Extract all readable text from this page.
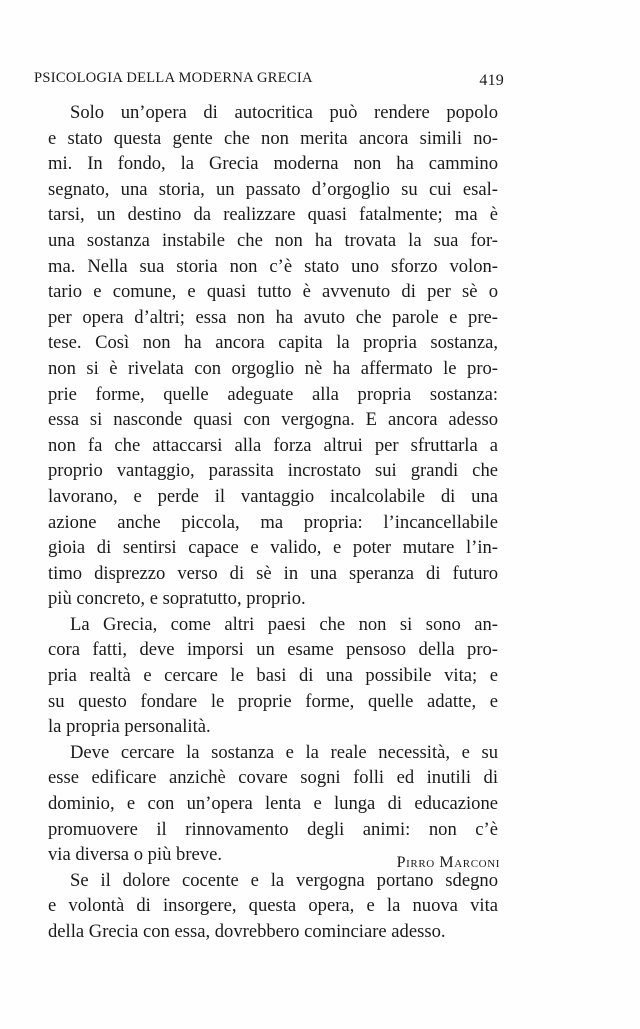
PSICOLOGIA DELLA MODERNA GRECIA	419
Solo un’opera di autocritica può rendere popolo
e stato questa gente che non merita ancora simili no-
mi. In fondo, la Grecia moderna non ha cammino
segnato, una storia, un passato d’orgoglio su cui esal-
tarsi, un destino da realizzare quasi fatalmente; ma è
una sostanza instabile che non ha trovata la sua for-
ma. Nella sua storia non c’è stato uno sforzo volon-
tario e comune, e quasi tutto è avvenuto di per sè o
per opera d’altri; essa non ha avuto che parole e pre-
tese. Così non ha ancora capita la propria sostanza,
non si è rivelata con orgoglio nè ha affermato le pro-
prie forme, quelle adeguate alla propria sostanza:
essa si nasconde quasi con vergogna. E ancora adesso
non fa che attaccarsi alla forza altrui per sfruttarla a
proprio vantaggio, parassita incrostato sui grandi che
lavorano, e perde il vantaggio incalcolabile di una
azione anche piccola, ma propria: l’incancellabile
gioia di sentirsi capace e valido, e poter mutare l’in-
timo disprezzo verso di sè in una speranza di futuro
più concreto, e sopratutto, proprio.
La Grecia, come altri paesi che non si sono an-
cora fatti, deve imporsi un esame pensoso della pro-
pria realtà e cercare le basi di una possibile vita; e
su questo fondare le proprie forme, quelle adatte, e
la propria personalità.
Deve cercare la sostanza e la reale necessità, e su
esse edificare anzichè covare sogni folli ed inutili di
dominio, e con un’opera lenta e lunga di educazione
promuovere il rinnovamento degli animi: non c’è
via diversa o più breve.
Se il dolore cocente e la vergogna portano sdegno
e volontà di insorgere, questa opera, e la nuova vita
della Grecia con essa, dovrebbero cominciare adesso.
Pirro Marconi
